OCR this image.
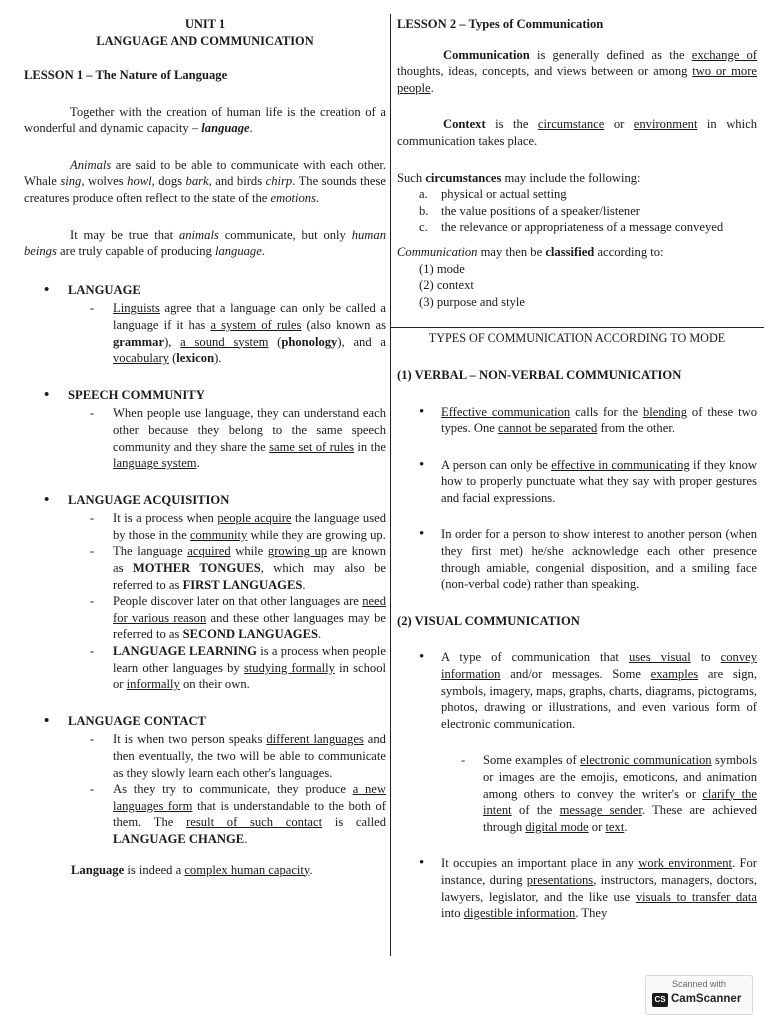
UNIT 1
LANGUAGE AND COMMUNICATION
LESSON 1 – The Nature of Language

Together with the creation of human life is the creation of a wonderful and dynamic capacity – language.

Animals are said to be able to communicate with each other. Whale sing, wolves howl, dogs bark, and birds chirp. The sounds these creatures produce often reflect to the state of the emotions.

It may be true that animals communicate, but only human beings are truly capable of producing language.

• LANGUAGE

- Linguists agree that a language can only be called a language if it has a system of rules (also known as grammar), a sound system (phonology), and a vocabulary (lexicon).

• SPEECH COMMUNITY

- When people use language, they can understand each other because they belong to the same speech community and they share the same set of rules in the language system.

• LANGUAGE ACQUISITION

- It is a process when people acquire the language used by those in the community while they are growing up.

- The language acquired while growing up are known as MOTHER TONGUES, which may also be referred to as FIRST LANGUAGES.

- People discover later on that other languages are need for various reason and these other languages may be referred to as SECOND LANGUAGES.

- LANGUAGE LEARNING is a process when people learn other languages by studying formally in school or informally on their own.

• LANGUAGE CONTACT

- It is when two person speaks different languages and then eventually, the two will be able to communicate as they slowly learn each other's languages.

- As they try to communicate, they produce a new languages form that is understandable to the both of them. The result of such contact is called LANGUAGE CHANGE.

Language is indeed a complex human capacity.

LESSON 2 – Types of Communication

Communication is generally defined as the exchange of thoughts, ideas, concepts, and views between or among two or more people.

Context is the circumstance or environment in which communication takes place.

Such circumstances may include the following:

a. physical or actual setting
b. the value positions of a speaker/listener
c. the relevance or appropriateness of a message conveyed

Communication may then be classified according to:

(1) mode
(2) context
(3) purpose and style
TYPES OF COMMUNICATION ACCORDING TO MODE
(1) VERBAL – NON-VERBAL COMMUNICATION

• Effective communication calls for the blending of these two types. One cannot be separated from the other.

• A person can only be effective in communicating if they know how to properly punctuate what they say with proper gestures and facial expressions.

• In order for a person to show interest to another person (when they first met) he/she acknowledge each other presence through amiable, congenial disposition, and a smiling face (non-verbal code) rather than speaking.

(2) VISUAL COMMUNICATION

• A type of communication that uses visual to convey information and/or messages. Some examples are sign, symbols, imagery, maps, graphs, charts, diagrams, pictograms, photos, drawing or illustrations, and even various form of electronic communication.

- Some examples of electronic communication symbols or images are the emojis, emoticons, and animation among others to convey the writer's or clarify the intent of the message sender. These are achieved through digital mode or text.

• It occupies an important place in any work environment. For instance, during presentations, instructors, managers, doctors, lawyers, legislator, and the like use visuals to transfer data into digestible information. They

Scanned with
CS CamScanner
